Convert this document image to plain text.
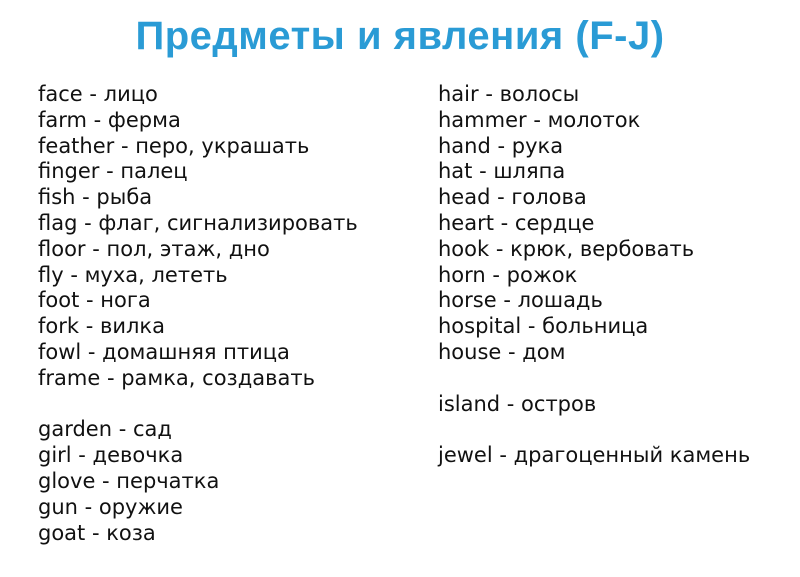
Предметы и явления (F-J)
face - лицо
farm - ферма
feather - перо, украшать
finger - палец
fish - рыба
flag - флаг, сигнализировать
floor - пол, этаж, дно
fly - муха, лететь
foot - нога
fork - вилка
fowl - домашняя птица
frame - рамка, создавать
garden - сад
girl - девочка
glove - перчатка
gun - оружие
goat - коза
hair - волосы
hammer - молоток
hand - рука
hat - шляпа
head - голова
heart - сердце
hook - крюк, вербовать
horn - рожок
horse - лошадь
hospital - больница
house - дом
island - остров
jewel - драгоценный камень
